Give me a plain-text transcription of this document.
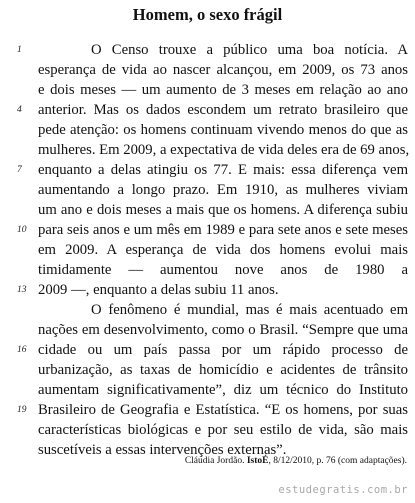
Homem, o sexo frágil
O Censo trouxe a público uma boa notícia. A
esperança de vida ao nascer alcançou, em 2009, os 73 anos
e dois meses — um aumento de 3 meses em relação ao ano
anterior. Mas os dados escondem um retrato brasileiro que
pede atenção: os homens continuam vivendo menos do que as
mulheres. Em 2009, a expectativa de vida deles era de 69 anos,
enquanto a delas atingiu os 77. E mais: essa diferença vem
aumentando a longo prazo. Em 1910, as mulheres viviam
um ano e dois meses a mais que os homens. A diferença subiu
para seis anos e um mês em 1989 e para sete anos e sete meses
em 2009. A esperança de vida dos homens evolui mais
timidamente — aumentou nove anos de 1980 a
2009 —, enquanto a delas subiu 11 anos.
O fenômeno é mundial, mas é mais acentuado em
nações em desenvolvimento, como o Brasil. “Sempre que uma
cidade ou um país passa por um rápido processo de
urbanização, as taxas de homicídio e acidentes de trânsito
aumentam significativamente”, diz um técnico do Instituto
Brasileiro de Geografia e Estatística. “E os homens, por suas
características biológicas e por seu estilo de vida, são mais
suscetíveis a essas intervenções externas”.
1
4
7
10
13
16
19
Cláudia Jordão. IstoÉ, 8/12/2010, p. 76 (com adaptações).
estudegratis.com.br
